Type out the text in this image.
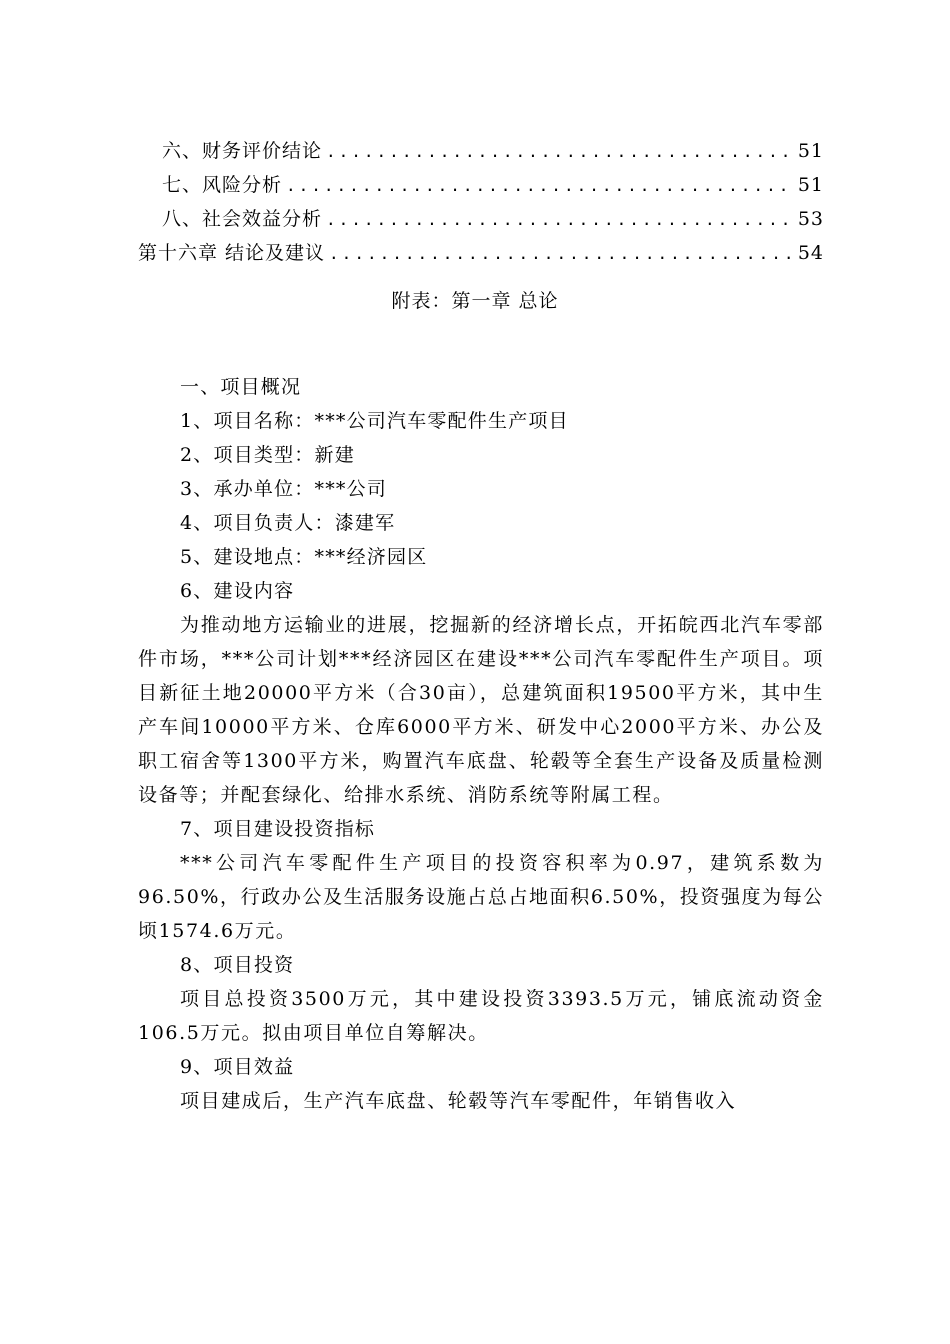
六、财务评价结论 .....	51
七、风险分析 .....	51
八、社会效益分析 .....	53
第十六章 结论及建议 .....	54
附表：第一章 总论
一、项目概况
1、项目名称：***公司汽车零配件生产项目
2、项目类型：新建
3、承办单位：***公司
4、项目负责人：漆建军
5、建设地点：***经济园区
6、建设内容

为推动地方运输业的进展，挖掘新的经济增长点，开拓皖西北汽车零部件市场，***公司计划***经济园区在建设***公司汽车零配件生产项目。项目新征土地20000平方米（合30亩），总建筑面积19500平方米，其中生产车间10000平方米、仓库6000平方米、研发中心2000平方米、办公及职工宿舍等1300平方米，购置汽车底盘、轮毂等全套生产设备及质量检测设备等；并配套绿化、给排水系统、消防系统等附属工程。

7、项目建设投资指标

***公司汽车零配件生产项目的投资容积率为0.97，建筑系数为96.50%，行政办公及生活服务设施占总占地面积6.50%，投资强度为每公顷1574.6万元。

8、项目投资

项目总投资3500万元，其中建设投资3393.5万元，铺底流动资金106.5万元。拟由项目单位自筹解决。

9、项目效益

项目建成后，生产汽车底盘、轮毂等汽车零配件，年销售收入
